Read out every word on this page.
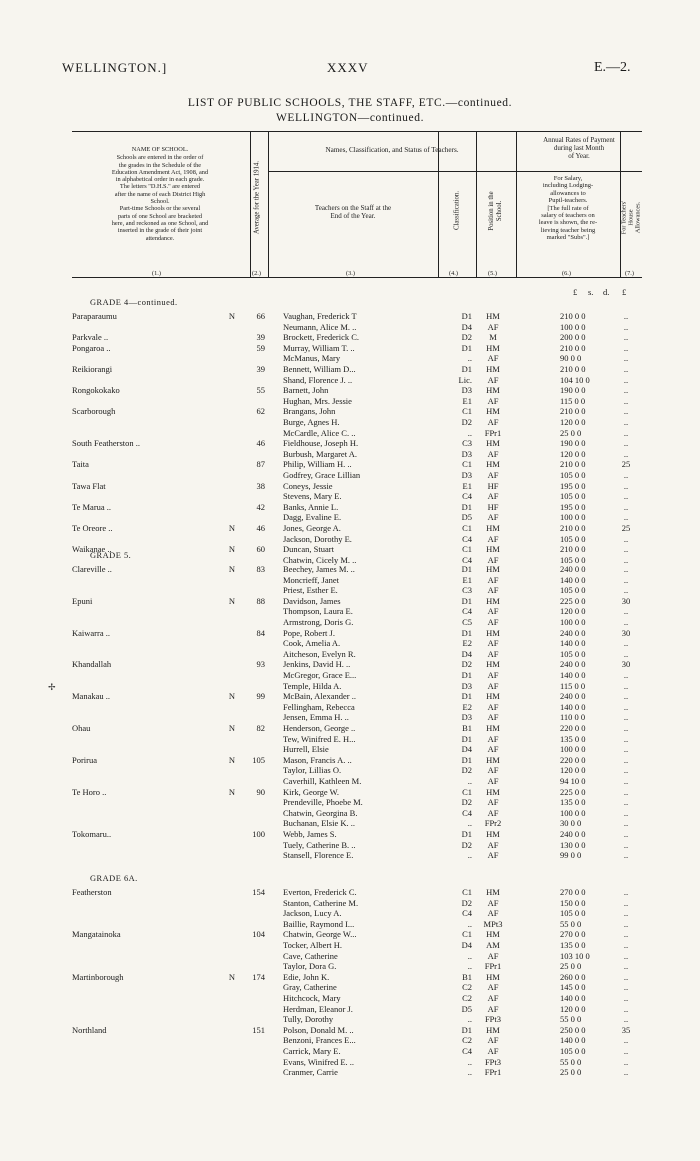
WELLINGTON.]	XXXV	E.—2.
LIST OF PUBLIC SCHOOLS, THE STAFF, ETC.—continued.
WELLINGTON—continued.
NAME OF SCHOOL.
Schools are entered in the order of
the grades in the Schedule of the
Education Amendment Act, 1908, and
in alphabetical order in each grade.
The letters "D.H.S." are entered
after the name of each District High
School.
Part-time Schools or the several
parts of one School are bracketed
here, and reckoned as one School, and
inserted in the grade of their joint
attendance.
Average for the Year 1914.
Names, Classification, and Status of Teachers.
Teachers on the Staff at the
End of the Year.	Classification.	Position in the School.
Annual Rates of Payment
during last Month
of Year.
For Salary,
including Lodging-
allowances to
Pupil-teachers.
[The full rate of
salary of teachers on
leave is shown, the re-
lieving teacher being
marked "Subs".]
For Teachers' House Allowances.
(1.)	(2.)	(3.)	(4.)	(5.)	(6.)	(7.)
£ s. d. £
GRADE 4—continued.
GRADE 5.
GRADE 6A.
Paraparaumu	N	66 Vaughan, Frederick T	D1	HM	210 0 0	..
Neumann, Alice M. ..	D4	AF	100 0 0	..
Parkvale ..	39 Brockett, Frederick C.	D2	M	200 0 0	..
Pongaroa ..	59 Murray, William T. ..	D1	HM	210 0 0	..
McManus, Mary	..	AF	90 0 0	..
Reikiorangi	39 Bennett, William D...	D1	HM	210 0 0	..
Shand, Florence J. ..	Lic.	AF	104 10 0	..
Rongokokako	55 Barnett, John	D3	HM	190 0 0	..
Hughan, Mrs. Jessie	E1	AF	115 0 0	..
Scarborough	62 Brangans, John	C1	HM	210 0 0	..
Burge, Agnes H.	D2	AF	120 0 0	..
McCardle, Alice C. ..	..	FPr1	25 0 0	..
South Featherston ..	46 Fieldhouse, Joseph H.	C3	HM	190 0 0	..
Burbush, Margaret A.	D3	AF	120 0 0	..
Taita	87 Philip, William H. ..	C1	HM	210 0 0	25
Godfrey, Grace Lillian	D3	AF	105 0 0	..
Tawa Flat	38 Coneys, Jessie	E1	HF	195 0 0	..
Stevens, Mary E.	C4	AF	105 0 0	..
Te Marua ..	42 Banks, Annie L.	D1	HF	195 0 0	..
Dagg, Evaline E.	D5	AF	100 0 0	..
Te Oreore ..	N	46 Jones, George A.	C1	HM	210 0 0	25
Jackson, Dorothy E.	C4	AF	105 0 0	..
Waikanae ..	N	60 Duncan, Stuart	C1	HM	210 0 0	..
Chatwin, Cicely M. ..	C4	AF	105 0 0	..
Clareville ..	N	83 Beechey, James M. ..	D1	HM	240 0 0	..
Moncrieff, Janet	E1	AF	140 0 0	..
Priest, Esther E.	C3	AF	105 0 0	..
Epuni	N	88 Davidson, James	D1	HM	225 0 0	30
Thompson, Laura E.	C4	AF	120 0 0	..
Armstrong, Doris G.	C5	AF	100 0 0	..
Kaiwarra ..	84 Pope, Robert J.	D1	HM	240 0 0	30
Cook, Amelia A.	E2	AF	140 0 0	..
Aitcheson, Evelyn R.	D4	AF	105 0 0	..
Khandallah	93 Jenkins, David H. ..	D2	HM	240 0 0	30
McGregor, Grace E...	D1	AF	140 0 0	..
Temple, Hilda A.	D3	AF	115 0 0	..
Manakau ..	N	99 McBain, Alexander ..	D1	HM	240 0 0	..
Fellingham, Rebecca	E2	AF	140 0 0	..
Jensen, Emma H. ..	D3	AF	110 0 0	..
Ohau	N	82 Henderson, George ..	B1	HM	220 0 0	..
Tew, Winifred E. H...	D1	AF	135 0 0	..
Hurrell, Elsie	D4	AF	100 0 0	..
Porirua	N	105 Mason, Francis A. ..	D1	HM	220 0 0	..
Taylor, Lillias O.	D2	AF	120 0 0	..
Caverhill, Kathleen M.	..	AF	94 10 0	..
Te Horo ..	N	90 Kirk, George W.	C1	HM	225 0 0	..
Prendeville, Phoebe M.	D2	AF	135 0 0	..
Chatwin, Georgina B.	C4	AF	100 0 0	..
Buchanan, Elsie K. ..	..	FPr2	30 0 0	..
Tokomaru..	100 Webb, James S.	D1	HM	240 0 0	..
Tuely, Catherine B. ..	D2	AF	130 0 0	..
Stansell, Florence E.	..	AF	99 0 0	..
Featherston	154 Everton, Frederick C.	C1	HM	270 0 0	..
Stanton, Catherine M.	D2	AF	150 0 0	..
Jackson, Lucy A.	C4	AF	105 0 0	..
Baillie, Raymond I...	..	MPt3	55 0 0	..
Mangatainoka	104 Chatwin, George W...	C1	HM	270 0 0	..
Tocker, Albert H.	D4	AM	135 0 0	..
Cave, Catherine	..	AF	103 10 0	..
Taylor, Dora G.	..	FPr1	25 0 0	..
Martinborough	N	174 Edie, John K.	B1	HM	260 0 0	..
Gray, Catherine	C2	AF	145 0 0	..
Hitchcock, Mary	C2	AF	140 0 0	..
Herdman, Eleanor J.	D5	AF	120 0 0	..
Tully, Dorothy	..	FPt3	55 0 0	..
Northland	151 Polson, Donald M. ..	D1	HM	250 0 0	35
Benzoni, Frances E...	C2	AF	140 0 0	..
Carrick, Mary E.	C4	AF	105 0 0	..
Evans, Winifred E. ..	..	FPt3	55 0 0	..
Cranmer, Carrie	..	FPr1	25 0 0	..
✢
